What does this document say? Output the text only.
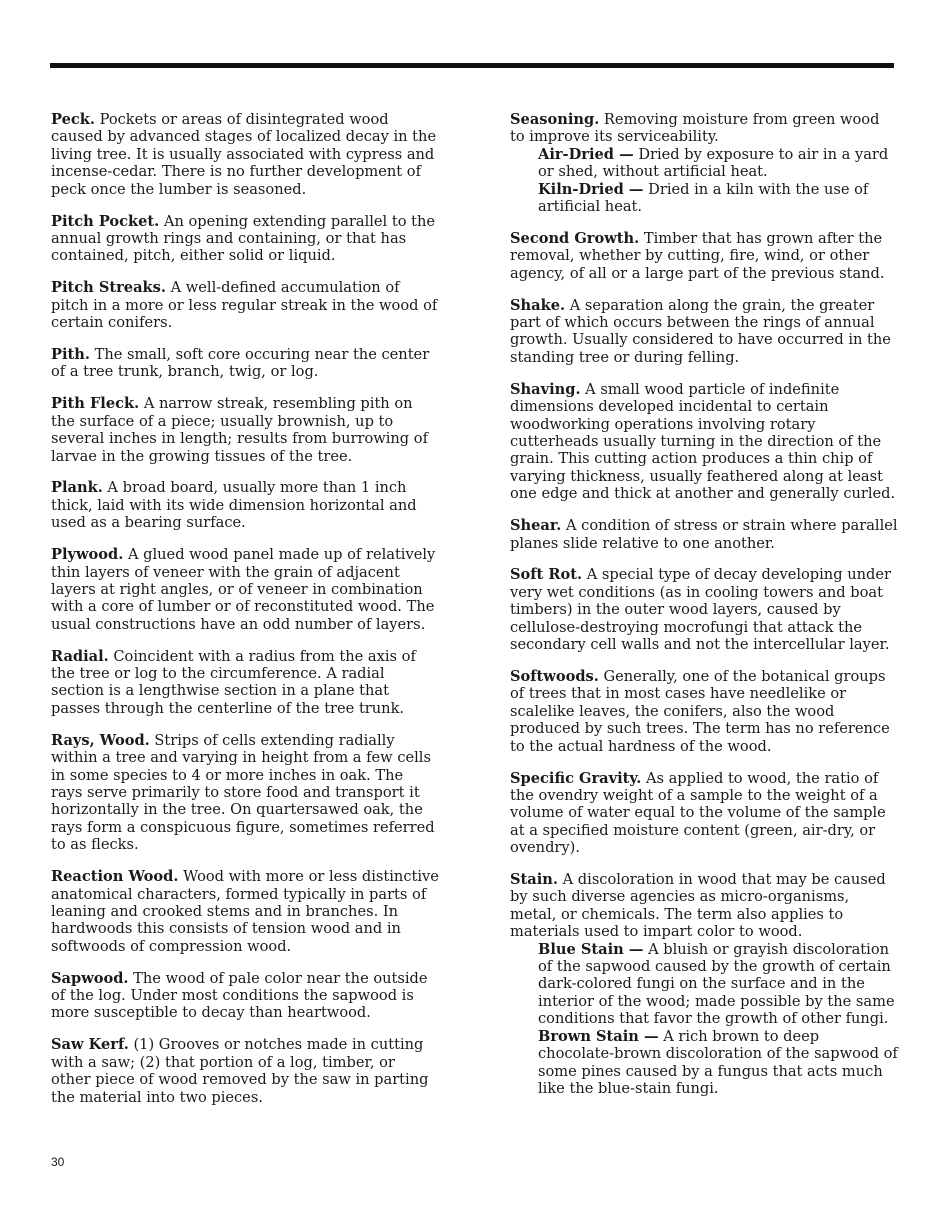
Peck. Pockets or areas of disintegrated wood caused by advanced stages of localized decay in the living tree. It is usually associated with cypress and incense-cedar. There is no further development of peck once the lumber is seasoned.
Pitch Pocket. An opening extending parallel to the annual growth rings and containing, or that has contained, pitch, either solid or liquid.
Pitch Streaks. A well-defined accumulation of pitch in a more or less regular streak in the wood of certain conifers.
Pith. The small, soft core occuring near the center of a tree trunk, branch, twig, or log.
Pith Fleck. A narrow streak, resembling pith on the surface of a piece; usually brownish, up to several inches in length; results from burrowing of larvae in the growing tissues of the tree.
Plank. A broad board, usually more than 1 inch thick, laid with its wide dimension horizontal and used as a bearing surface.
Plywood. A glued wood panel made up of relatively thin layers of veneer with the grain of adjacent layers at right angles, or of veneer in combination with a core of lumber or of reconstituted wood. The usual constructions have an odd number of layers.
Radial. Coincident with a radius from the axis of the tree or log to the circumference. A radial section is a lengthwise section in a plane that passes through the centerline of the tree trunk.
Rays, Wood. Strips of cells extending radially within a tree and varying in height from a few cells in some species to 4 or more inches in oak. The rays serve primarily to store food and transport it horizontally in the tree. On quartersawed oak, the rays form a conspicuous figure, sometimes referred to as flecks.
Reaction Wood. Wood with more or less distinctive anatomical characters, formed typically in parts of leaning and crooked stems and in branches. In hardwoods this consists of tension wood and in softwoods of compression wood.
Sapwood. The wood of pale color near the outside of the log. Under most conditions the sapwood is more susceptible to decay than heartwood.
Saw Kerf. (1) Grooves or notches made in cutting with a saw; (2) that portion of a log, timber, or other piece of wood removed by the saw in parting the material into two pieces.
Seasoning. Removing moisture from green wood to improve its serviceability.
Air-Dried — Dried by exposure to air in a yard or shed, without artificial heat.
Kiln-Dried — Dried in a kiln with the use of artificial heat.
Second Growth. Timber that has grown after the removal, whether by cutting, fire, wind, or other agency, of all or a large part of the previous stand.
Shake. A separation along the grain, the greater part of which occurs between the rings of annual growth. Usually considered to have occurred in the standing tree or during felling.
Shaving. A small wood particle of indefinite dimensions developed incidental to certain woodworking operations involving rotary cutterheads usually turning in the direction of the grain. This cutting action produces a thin chip of varying thickness, usually feathered along at least one edge and thick at another and generally curled.
Shear. A condition of stress or strain where parallel planes slide relative to one another.
Soft Rot. A special type of decay developing under very wet conditions (as in cooling towers and boat timbers) in the outer wood layers, caused by cellulose-destroying mocrofungi that attack the secondary cell walls and not the intercellular layer.
Softwoods. Generally, one of the botanical groups of trees that in most cases have needlelike or scalelike leaves, the conifers, also the wood produced by such trees. The term has no reference to the actual hardness of the wood.
Specific Gravity. As applied to wood, the ratio of the ovendry weight of a sample to the weight of a volume of water equal to the volume of the sample at a specified moisture content (green, air-dry, or ovendry).
Stain. A discoloration in wood that may be caused by such diverse agencies as micro-organisms, metal, or chemicals. The term also applies to materials used to impart color to wood.
Blue Stain — A bluish or grayish discoloration of the sapwood caused by the growth of certain dark-colored fungi on the surface and in the interior of the wood; made possible by the same conditions that favor the growth of other fungi.
Brown Stain — A rich brown to deep chocolate-brown discoloration of the sapwood of some pines caused by a fungus that acts much like the blue-stain fungi.
30
